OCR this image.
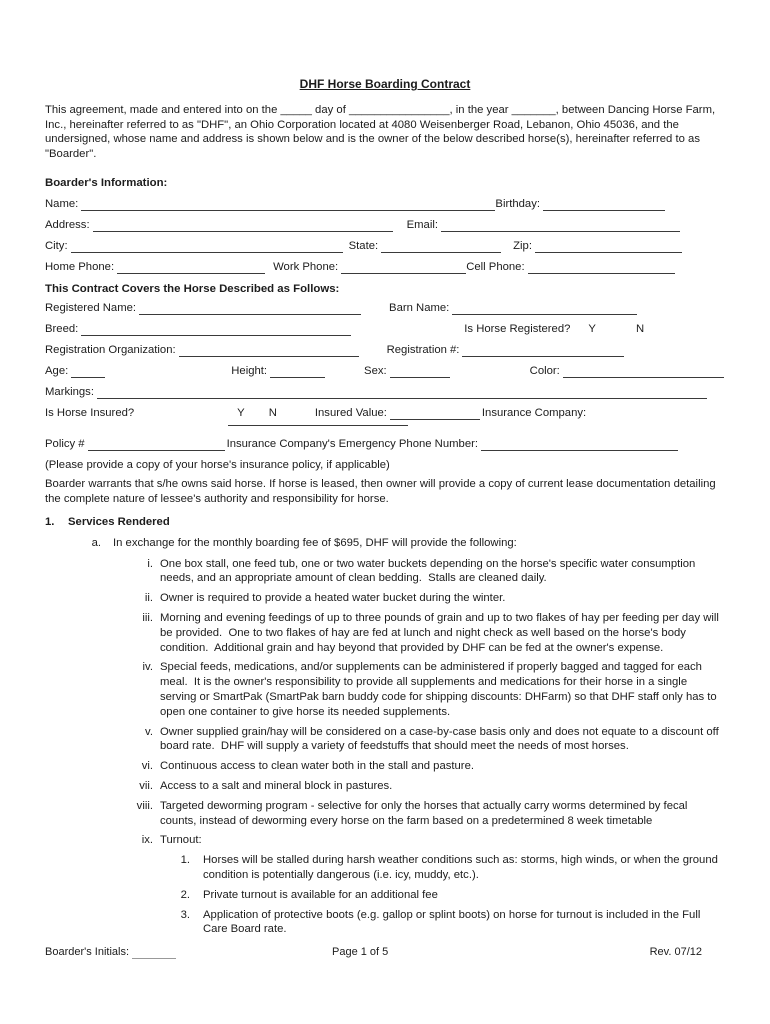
DHF Horse Boarding Contract

This agreement, made and entered into on the _____ day of ________________, in the year _______, between Dancing Horse Farm, Inc., hereinafter referred to as "DHF", an Ohio Corporation located at 4080 Weisenberger Road, Lebanon, Ohio 45036, and the undersigned, whose name and address is shown below and is the owner of the below described horse(s), hereinafter referred to as "Boarder".

Boarder's Information:
Name:	Birthday:
Address:	Email:
City:	State:	Zip:
Home Phone:	Work Phone:	Cell Phone:
This Contract Covers the Horse Described as Follows:
Registered Name:	Barn Name:
Breed:	Is Horse Registered? Y	N
Registration Organization:	Registration #:
Age:	Height:	Sex:	Color:
Markings:
Is Horse Insured?	Y N	Insured Value:	Insurance Company:
Policy #	Insurance Company's Emergency Phone Number:

(Please provide a copy of your horse's insurance policy, if applicable)

Boarder warrants that s/he owns said horse. If horse is leased, then owner will provide a copy of current lease documentation detailing the complete nature of lessee's authority and responsibility for horse.

1. Services Rendered
a. In exchange for the monthly boarding fee of $695, DHF will provide the following:
i. One box stall, one feed tub, one or two water buckets depending on the horse's specific water consumption needs, and an appropriate amount of clean bedding.  Stalls are cleaned daily.
ii. Owner is required to provide a heated water bucket during the winter.
iii. Morning and evening feedings of up to three pounds of grain and up to two flakes of hay per feeding per day will be provided.  One to two flakes of hay are fed at lunch and night check as well based on the horse's body condition.  Additional grain and hay beyond that provided by DHF can be fed at the owner's expense.
iv. Special feeds, medications, and/or supplements can be administered if properly bagged and tagged for each meal.  It is the owner's responsibility to provide all supplements and medications for their horse in a single serving or SmartPak (SmartPak barn buddy code for shipping discounts: DHFarm) so that DHF staff only has to open one container to give horse its needed supplements.
v. Owner supplied grain/hay will be considered on a case-by-case basis only and does not equate to a discount off board rate.  DHF will supply a variety of feedstuffs that should meet the needs of most horses.
vi. Continuous access to clean water both in the stall and pasture.
vii. Access to a salt and mineral block in pastures.
viii. Targeted deworming program - selective for only the horses that actually carry worms determined by fecal counts, instead of deworming every horse on the farm based on a predetermined 8 week timetable
ix. Turnout:
1. Horses will be stalled during harsh weather conditions such as: storms, high winds, or when the ground condition is potentially dangerous (i.e. icy, muddy, etc.).
2. Private turnout is available for an additional fee
3. Application of protective boots (e.g. gallop or splint boots) on horse for turnout is included in the Full Care Board rate.
Boarder's Initials:	Page 1 of 5	Rev. 07/12
